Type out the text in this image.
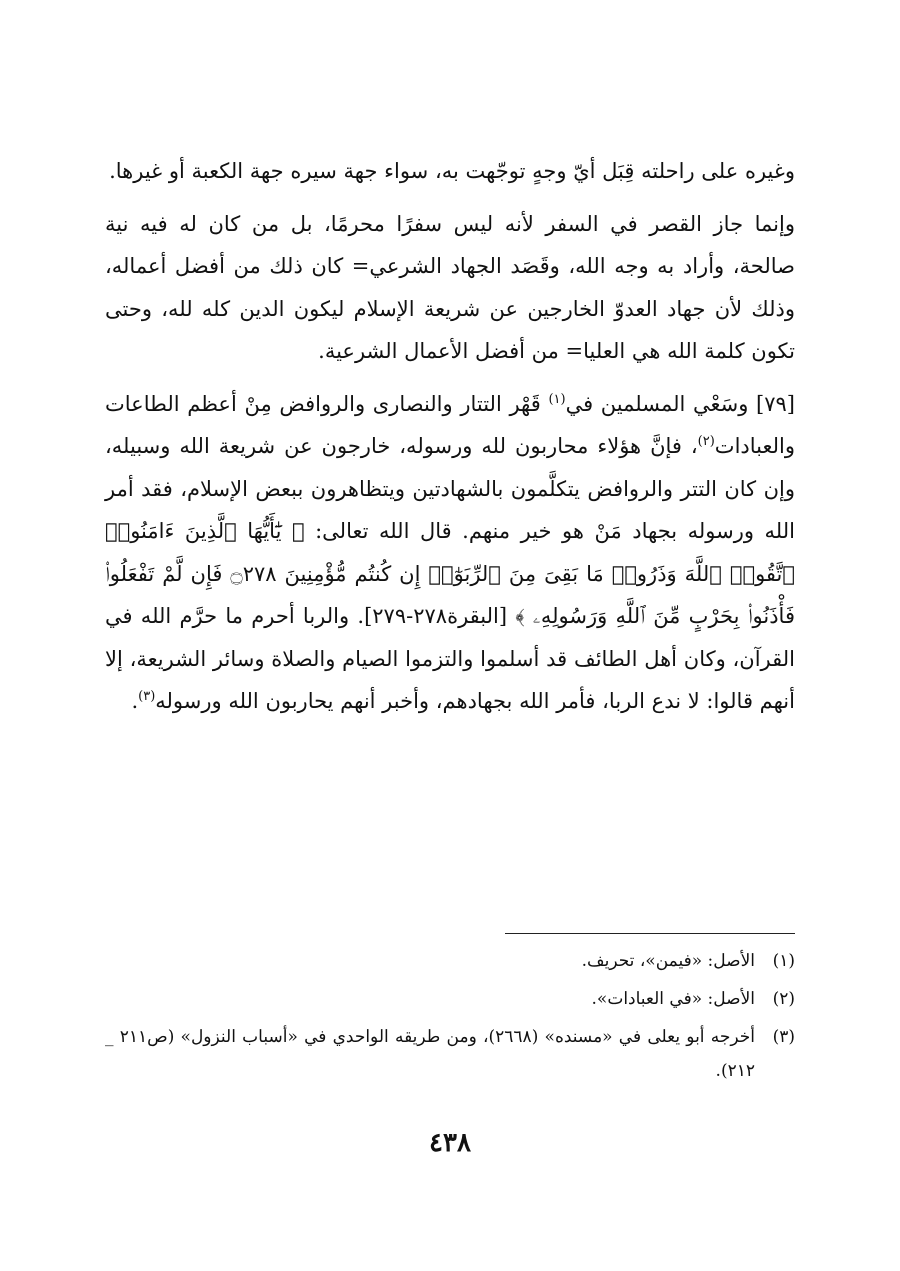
وغيره على راحلته قِبَل أيّ وجهٍ توجّهت به، سواء جهة سيره جهة الكعبة أو غيرها.

وإنما جاز القصر في السفر لأنه ليس سفرًا محرمًا، بل من كان له فيه نية صالحة، وأراد به وجه الله، وقَصَد الجهاد الشرعي= كان ذلك من أفضل أعماله، وذلك لأن جهاد العدوّ الخارجين عن شريعة الإسلام ليكون الدين كله لله، وحتى تكون كلمة الله هي العليا= من أفضل الأعمال الشرعية.

[٧٩] وسَعْي المسلمين في$^{(١)}$ قَهْر التتار والنصارى والروافض مِنْ أعظم الطاعات والعبادات$^{(٢)}$، فإنَّ هؤلاء محاربون لله ورسوله، خارجون عن شريعة الله وسبيله، وإن كان التتر والروافض يتكلَّمون بالشهادتين ويتظاهرون ببعض الإسلام، فقد أمر الله ورسوله بجهاد مَنْ هو خير منهم. قال الله تعالى: ﴿ يَٰٓأَيُّهَا ٱلَّذِينَ ءَامَنُوا۟ ٱتَّقُوا۟ ٱللَّهَ وَذَرُوا۟ مَا بَقِىَ مِنَ ٱلرِّبَوٰٓا۟ إِن كُنتُم مُّؤْمِنِينَ ۝٢٧٨ فَإِن لَّمْ تَفْعَلُوا۟ فَأْذَنُوا۟ بِحَرْبٍ مِّنَ ٱللَّهِ وَرَسُولِهِۦ ﴾ [البقرة٢٧٨-٢٧٩]. والربا أحرم ما حرَّم الله في القرآن، وكان أهل الطائف قد أسلموا والتزموا الصيام والصلاة وسائر الشريعة، إلا أنهم قالوا: لا ندع الربا، فأمر الله بجهادهم، وأخبر أنهم يحاربون الله ورسوله$^{(٣)}$.

(١)
الأصل: «فيمن»، تحريف.
(٢)
الأصل: «في العبادات».
(٣)
أخرجه أبو يعلى في «مسنده» (٢٦٦٨)، ومن طريقه الواحدي في «أسباب النزول» (ص٢١١ _ ٢١٢).
٤٣٨
